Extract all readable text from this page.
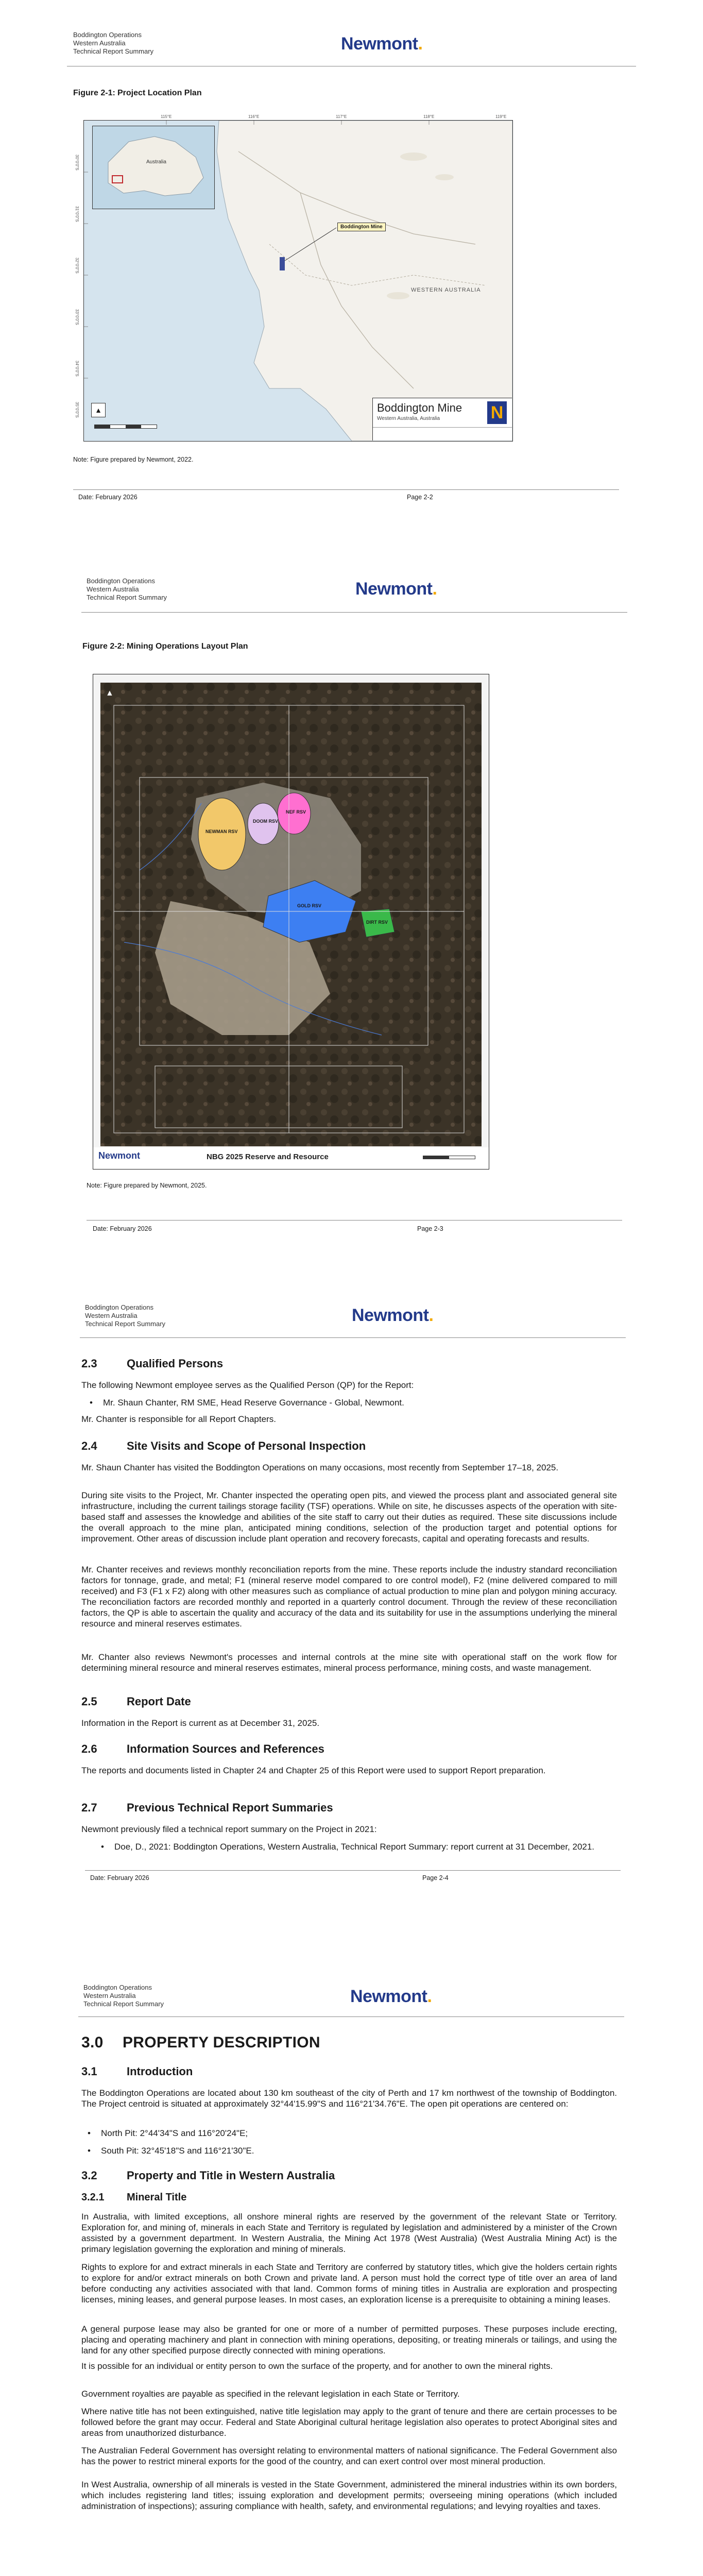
Boddington Operations
Western Australia
Technical Report Summary	Newmont.
Figure 2-1: Project Location Plan
Australia
Boddington Mine
WESTERN AUSTRALIA
Boddington Mine
Western Australia, Australia	N
▲
30°0'0"S
31°0'0"S
32°0'0"S
33°0'0"S
34°0'0"S
35°0'0"S
115°E	116°E	117°E	118°E	119°E
Note: Figure prepared by Newmont, 2022.
Date: February 2026	Page 2-2
Boddington Operations
Western Australia
Technical Report Summary	Newmont.
Figure 2-2: Mining Operations Layout Plan
NEWMAN RSV
DOOM RSV
NEF RSV
GOLD RSV
DIRT RSV
▲
Newmont	NBG 2025 Reserve and Resource
Note: Figure prepared by Newmont, 2025.
Date: February 2026	Page 2-3
Boddington Operations
Western Australia
Technical Report Summary	Newmont.
2.3	Qualified Persons
The following Newmont employee serves as the Qualified Person (QP) for the Report:
• Mr. Shaun Chanter, RM SME, Head Reserve Governance - Global, Newmont.
Mr. Chanter is responsible for all Report Chapters.
2.4	Site Visits and Scope of Personal Inspection
Mr. Shaun Chanter has visited the Boddington Operations on many occasions, most recently from September 17–18, 2025.
During site visits to the Project, Mr. Chanter inspected the operating open pits, and viewed the process plant and associated general site infrastructure, including the current tailings storage facility (TSF) operations. While on site, he discusses aspects of the operation with site-based staff and assesses the knowledge and abilities of the site staff to carry out their duties as required. These site discussions include the overall approach to the mine plan, anticipated mining conditions, selection of the production target and potential options for improvement. Other areas of discussion include plant operation and recovery forecasts, capital and operating forecasts and results.
Mr. Chanter receives and reviews monthly reconciliation reports from the mine. These reports include the industry standard reconciliation factors for tonnage, grade, and metal; F1 (mineral reserve model compared to ore control model), F2 (mine delivered compared to mill received) and F3 (F1 x F2) along with other measures such as compliance of actual production to mine plan and polygon mining accuracy. The reconciliation factors are recorded monthly and reported in a quarterly control document. Through the review of these reconciliation factors, the QP is able to ascertain the quality and accuracy of the data and its suitability for use in the assumptions underlying the mineral resource and mineral reserves estimates.
Mr. Chanter also reviews Newmont's processes and internal controls at the mine site with operational staff on the work flow for determining mineral resource and mineral reserves estimates, mineral process performance, mining costs, and waste management.
2.5	Report Date
Information in the Report is current as at December 31, 2025.
2.6	Information Sources and References
The reports and documents listed in Chapter 24 and Chapter 25 of this Report were used to support Report preparation.
2.7	Previous Technical Report Summaries
Newmont previously filed a technical report summary on the Project in 2021:
• Doe, D., 2021: Boddington Operations, Western Australia, Technical Report Summary: report current at 31 December, 2021.
Date: February 2026	Page 2-4
Boddington Operations
Western Australia
Technical Report Summary	Newmont.
3.0 PROPERTY DESCRIPTION
3.1	Introduction
The Boddington Operations are located about 130 km southeast of the city of Perth and 17 km northwest of the township of Boddington. The Project centroid is situated at approximately 32°44'15.99"S and 116°21'34.76"E. The open pit operations are centered on:
• North Pit: 2°44'34"S and 116°20'24"E;
• South Pit: 32°45'18"S and 116°21'30"E.
3.2	Property and Title in Western Australia
3.2.1 Mineral Title
In Australia, with limited exceptions, all onshore mineral rights are reserved by the government of the relevant State or Territory. Exploration for, and mining of, minerals in each State and Territory is regulated by legislation and administered by a minister of the Crown assisted by a government department. In Western Australia, the Mining Act 1978 (West Australia) (West Australia Mining Act) is the primary legislation governing the exploration and mining of minerals.
Rights to explore for and extract minerals in each State and Territory are conferred by statutory titles, which give the holders certain rights to explore for and/or extract minerals on both Crown and private land. A person must hold the correct type of title over an area of land before conducting any activities associated with that land. Common forms of mining titles in Australia are exploration and prospecting licenses, mining leases, and general purpose leases. In most cases, an exploration license is a prerequisite to obtaining a mining leases.
A general purpose lease may also be granted for one or more of a number of permitted purposes. These purposes include erecting, placing and operating machinery and plant in connection with mining operations, depositing, or treating minerals or tailings, and using the land for any other specified purpose directly connected with mining operations.
It is possible for an individual or entity person to own the surface of the property, and for another to own the mineral rights.
Government royalties are payable as specified in the relevant legislation in each State or Territory.
Where native title has not been extinguished, native title legislation may apply to the grant of tenure and there are certain processes to be followed before the grant may occur. Federal and State Aboriginal cultural heritage legislation also operates to protect Aboriginal sites and areas from unauthorized disturbance.
The Australian Federal Government has oversight relating to environmental matters of national significance. The Federal Government also has the power to restrict mineral exports for the good of the country, and can exert control over most mineral production.
In West Australia, ownership of all minerals is vested in the State Government, administered the mineral industries within its own borders, which includes registering land titles; issuing exploration and development permits; overseeing mining operations (which included administration of inspections); assuring compliance with health, safety, and environmental regulations; and levying royalties and taxes.
